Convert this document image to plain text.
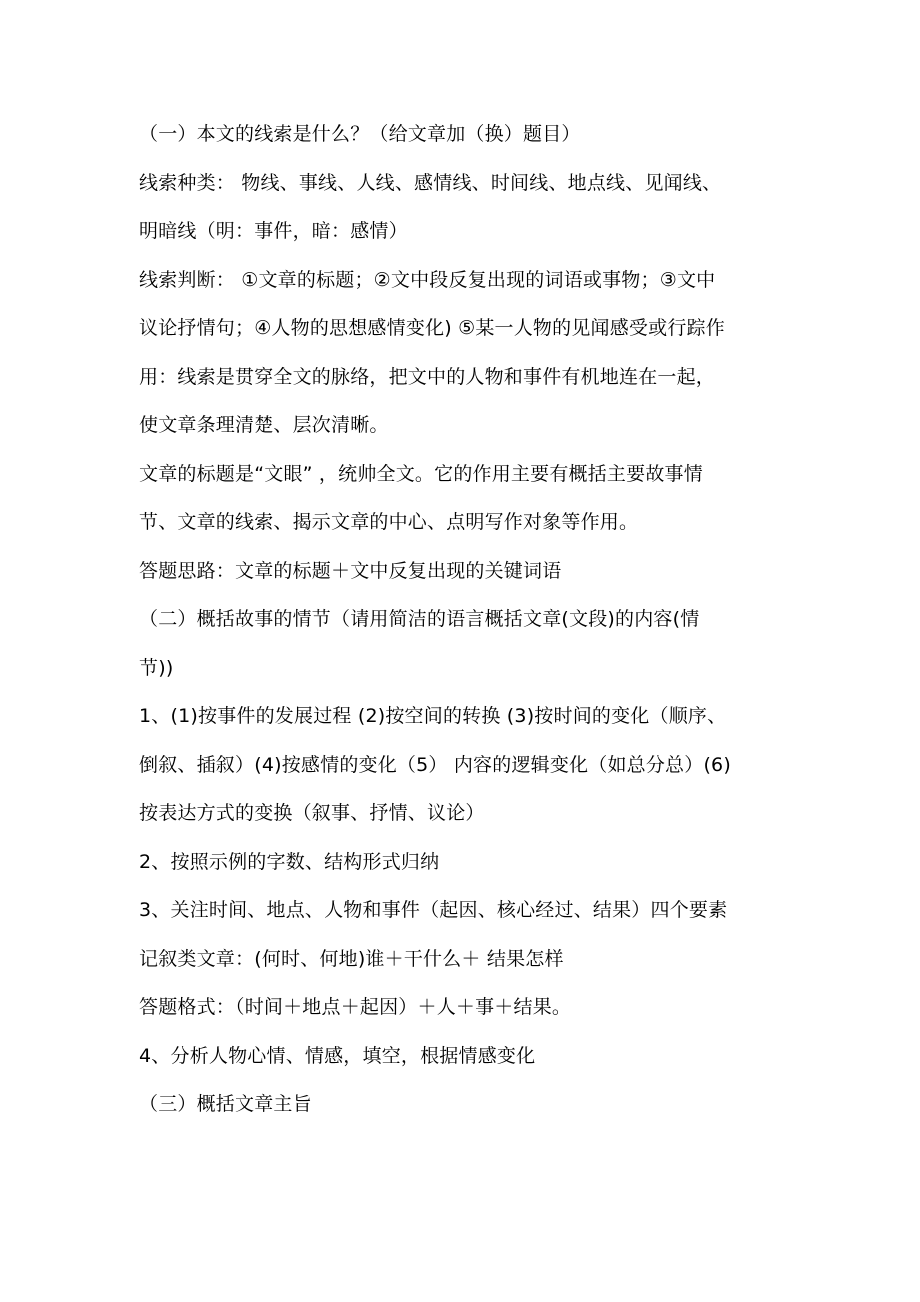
（一）本文的线索是什么？（给文章加（换）题目）
线索种类： 物线、事线、人线、感情线、时间线、地点线、见闻线、
明暗线（明：事件，暗：感情）
线索判断： ①文章的标题；②文中段反复出现的词语或事物；③文中
议论抒情句；④人物的思想感情变化) ⑤某一人物的见闻感受或行踪作
用：线索是贯穿全文的脉络，把文中的人物和事件有机地连在一起，
使文章条理清楚、层次清晰。
文章的标题是“文眼” ，统帅全文。它的作用主要有概括主要故事情
节、文章的线索、揭示文章的中心、点明写作对象等作用。
答题思路：文章的标题＋文中反复出现的关键词语
（二）概括故事的情节（请用简洁的语言概括文章(文段)的内容(情
节))
1、(1)按事件的发展过程 (2)按空间的转换 (3)按时间的变化（顺序、
倒叙、插叙）(4)按感情的变化（5） 内容的逻辑变化（如总分总）(6)
按表达方式的变换（叙事、抒情、议论）
2、按照示例的字数、结构形式归纳
3、关注时间、地点、人物和事件（起因、核心经过、结果）四个要素
记叙类文章：(何时、何地)谁＋干什么＋ 结果怎样
答题格式：（时间＋地点＋起因）＋人＋事＋结果。
4、分析人物心情、情感，填空，根据情感变化
（三）概括文章主旨
